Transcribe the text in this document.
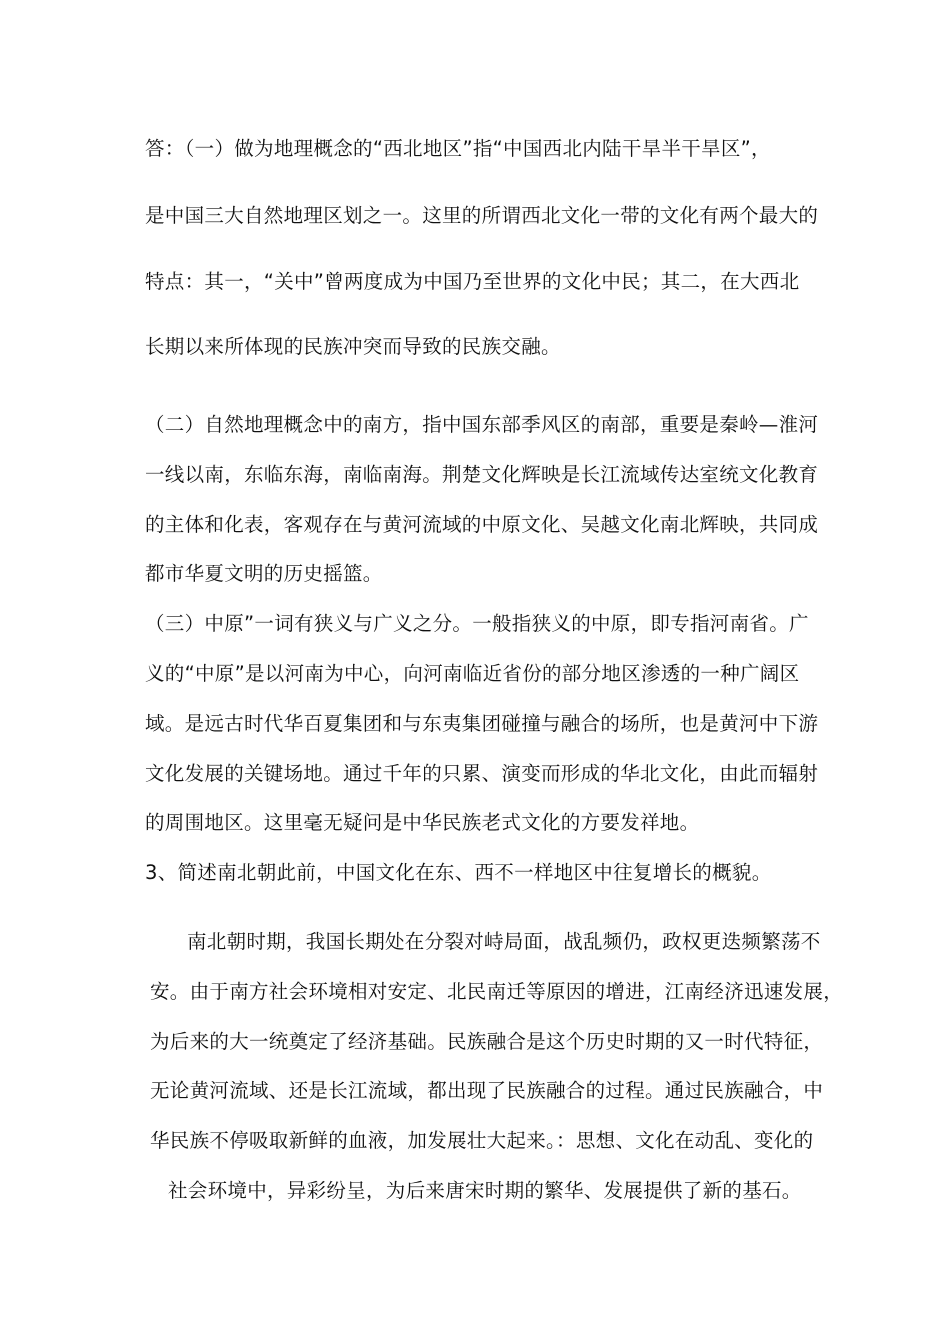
答：（一）做为地理概念的“西北地区”指“中国西北内陆干旱半干旱区”，
是中国三大自然地理区划之一。这里的所谓西北文化一带的文化有两个最大的
特点：其一，“关中”曾两度成为中国乃至世界的文化中民；其二，在大西北
长期以来所体现的民族冲突而导致的民族交融。
（二）自然地理概念中的南方，指中国东部季风区的南部，重要是秦岭—淮河
一线以南，东临东海，南临南海。荆楚文化辉映是长江流域传达室统文化教育
的主体和化表，客观存在与黄河流域的中原文化、吴越文化南北辉映，共同成
都市华夏文明的历史摇篮。
（三）中原”一词有狭义与广义之分。一般指狭义的中原，即专指河南省。广
义的“中原”是以河南为中心，向河南临近省份的部分地区渗透的一种广阔区
域。是远古时代华百夏集团和与东夷集团碰撞与融合的场所，也是黄河中下游
文化发展的关键场地。通过千年的只累、演变而形成的华北文化，由此而辐射
的周围地区。这里毫无疑问是中华民族老式文化的方要发祥地。
3、简述南北朝此前，中国文化在东、西不一样地区中往复增长的概貌。
南北朝时期，我国长期处在分裂对峙局面，战乱频仍，政权更迭频繁荡不
安。由于南方社会环境相对安定、北民南迁等原因的增进，江南经济迅速发展，
为后来的大一统奠定了经济基础。民族融合是这个历史时期的又一时代特征，
无论黄河流域、还是长江流域，都出现了民族融合的过程。通过民族融合，中
华民族不停吸取新鲜的血液，加发展壮大起来。：思想、文化在动乱、变化的
社会环境中，异彩纷呈，为后来唐宋时期的繁华、发展提供了新的基石。
